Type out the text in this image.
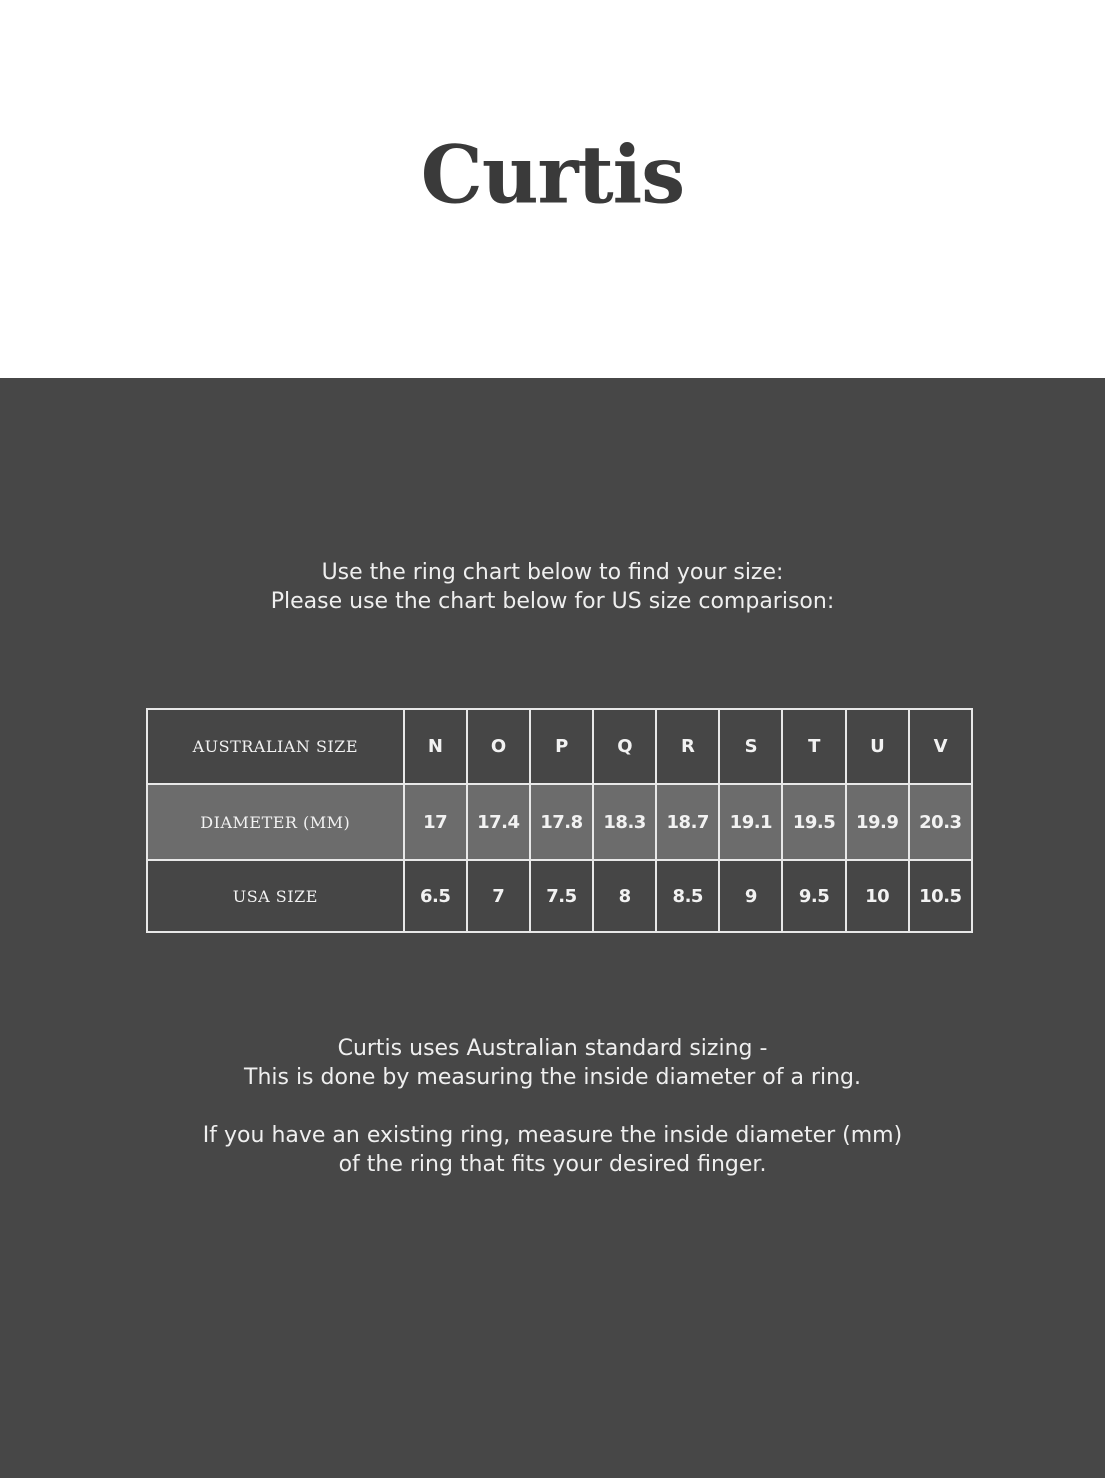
Curtis
Use the ring chart below to find your size:
Please use the chart below for US size comparison:
AUSTRALIAN SIZE	N	O	P	Q	R	S	T	U	V
DIAMETER (MM)	17	17.4	17.8	18.3	18.7	19.1	19.5	19.9	20.3
USA SIZE	6.5	7	7.5	8	8.5	9	9.5	10	10.5
Curtis uses Australian standard sizing -
This is done by measuring the inside diameter of a ring.
If you have an existing ring, measure the inside diameter (mm)
of the ring that fits your desired finger.
